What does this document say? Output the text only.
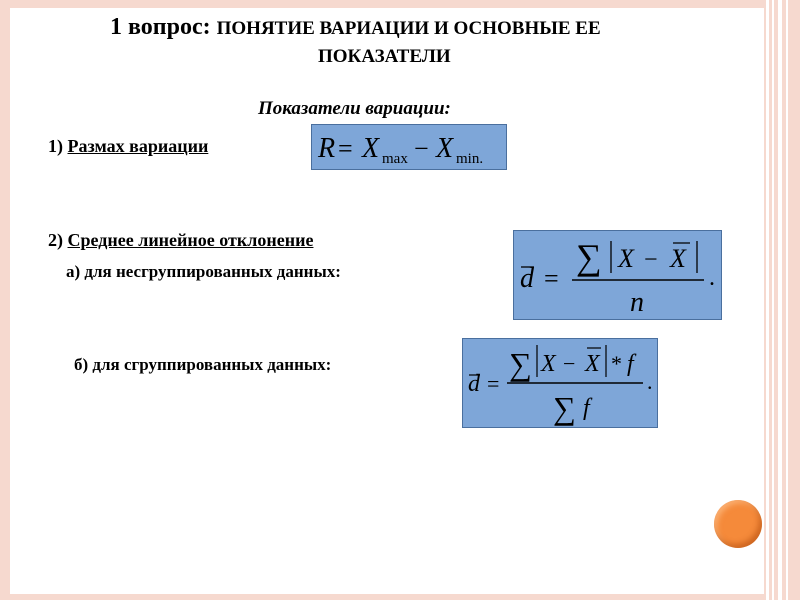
1 вопрос: ПОНЯТИЕ ВАРИАЦИИ И ОСНОВНЫЕ ЕЕ
ПОКАЗАТЕЛИ
Показатели вариации:
1) Размах вариации
2) Среднее линейное отклонение
а) для несгруппированных данных:
б) для сгруппированных данных:
R = X max − X min.
d =
∑ X − X
n
.
d =
∑ X − X * f
∑ f
.
